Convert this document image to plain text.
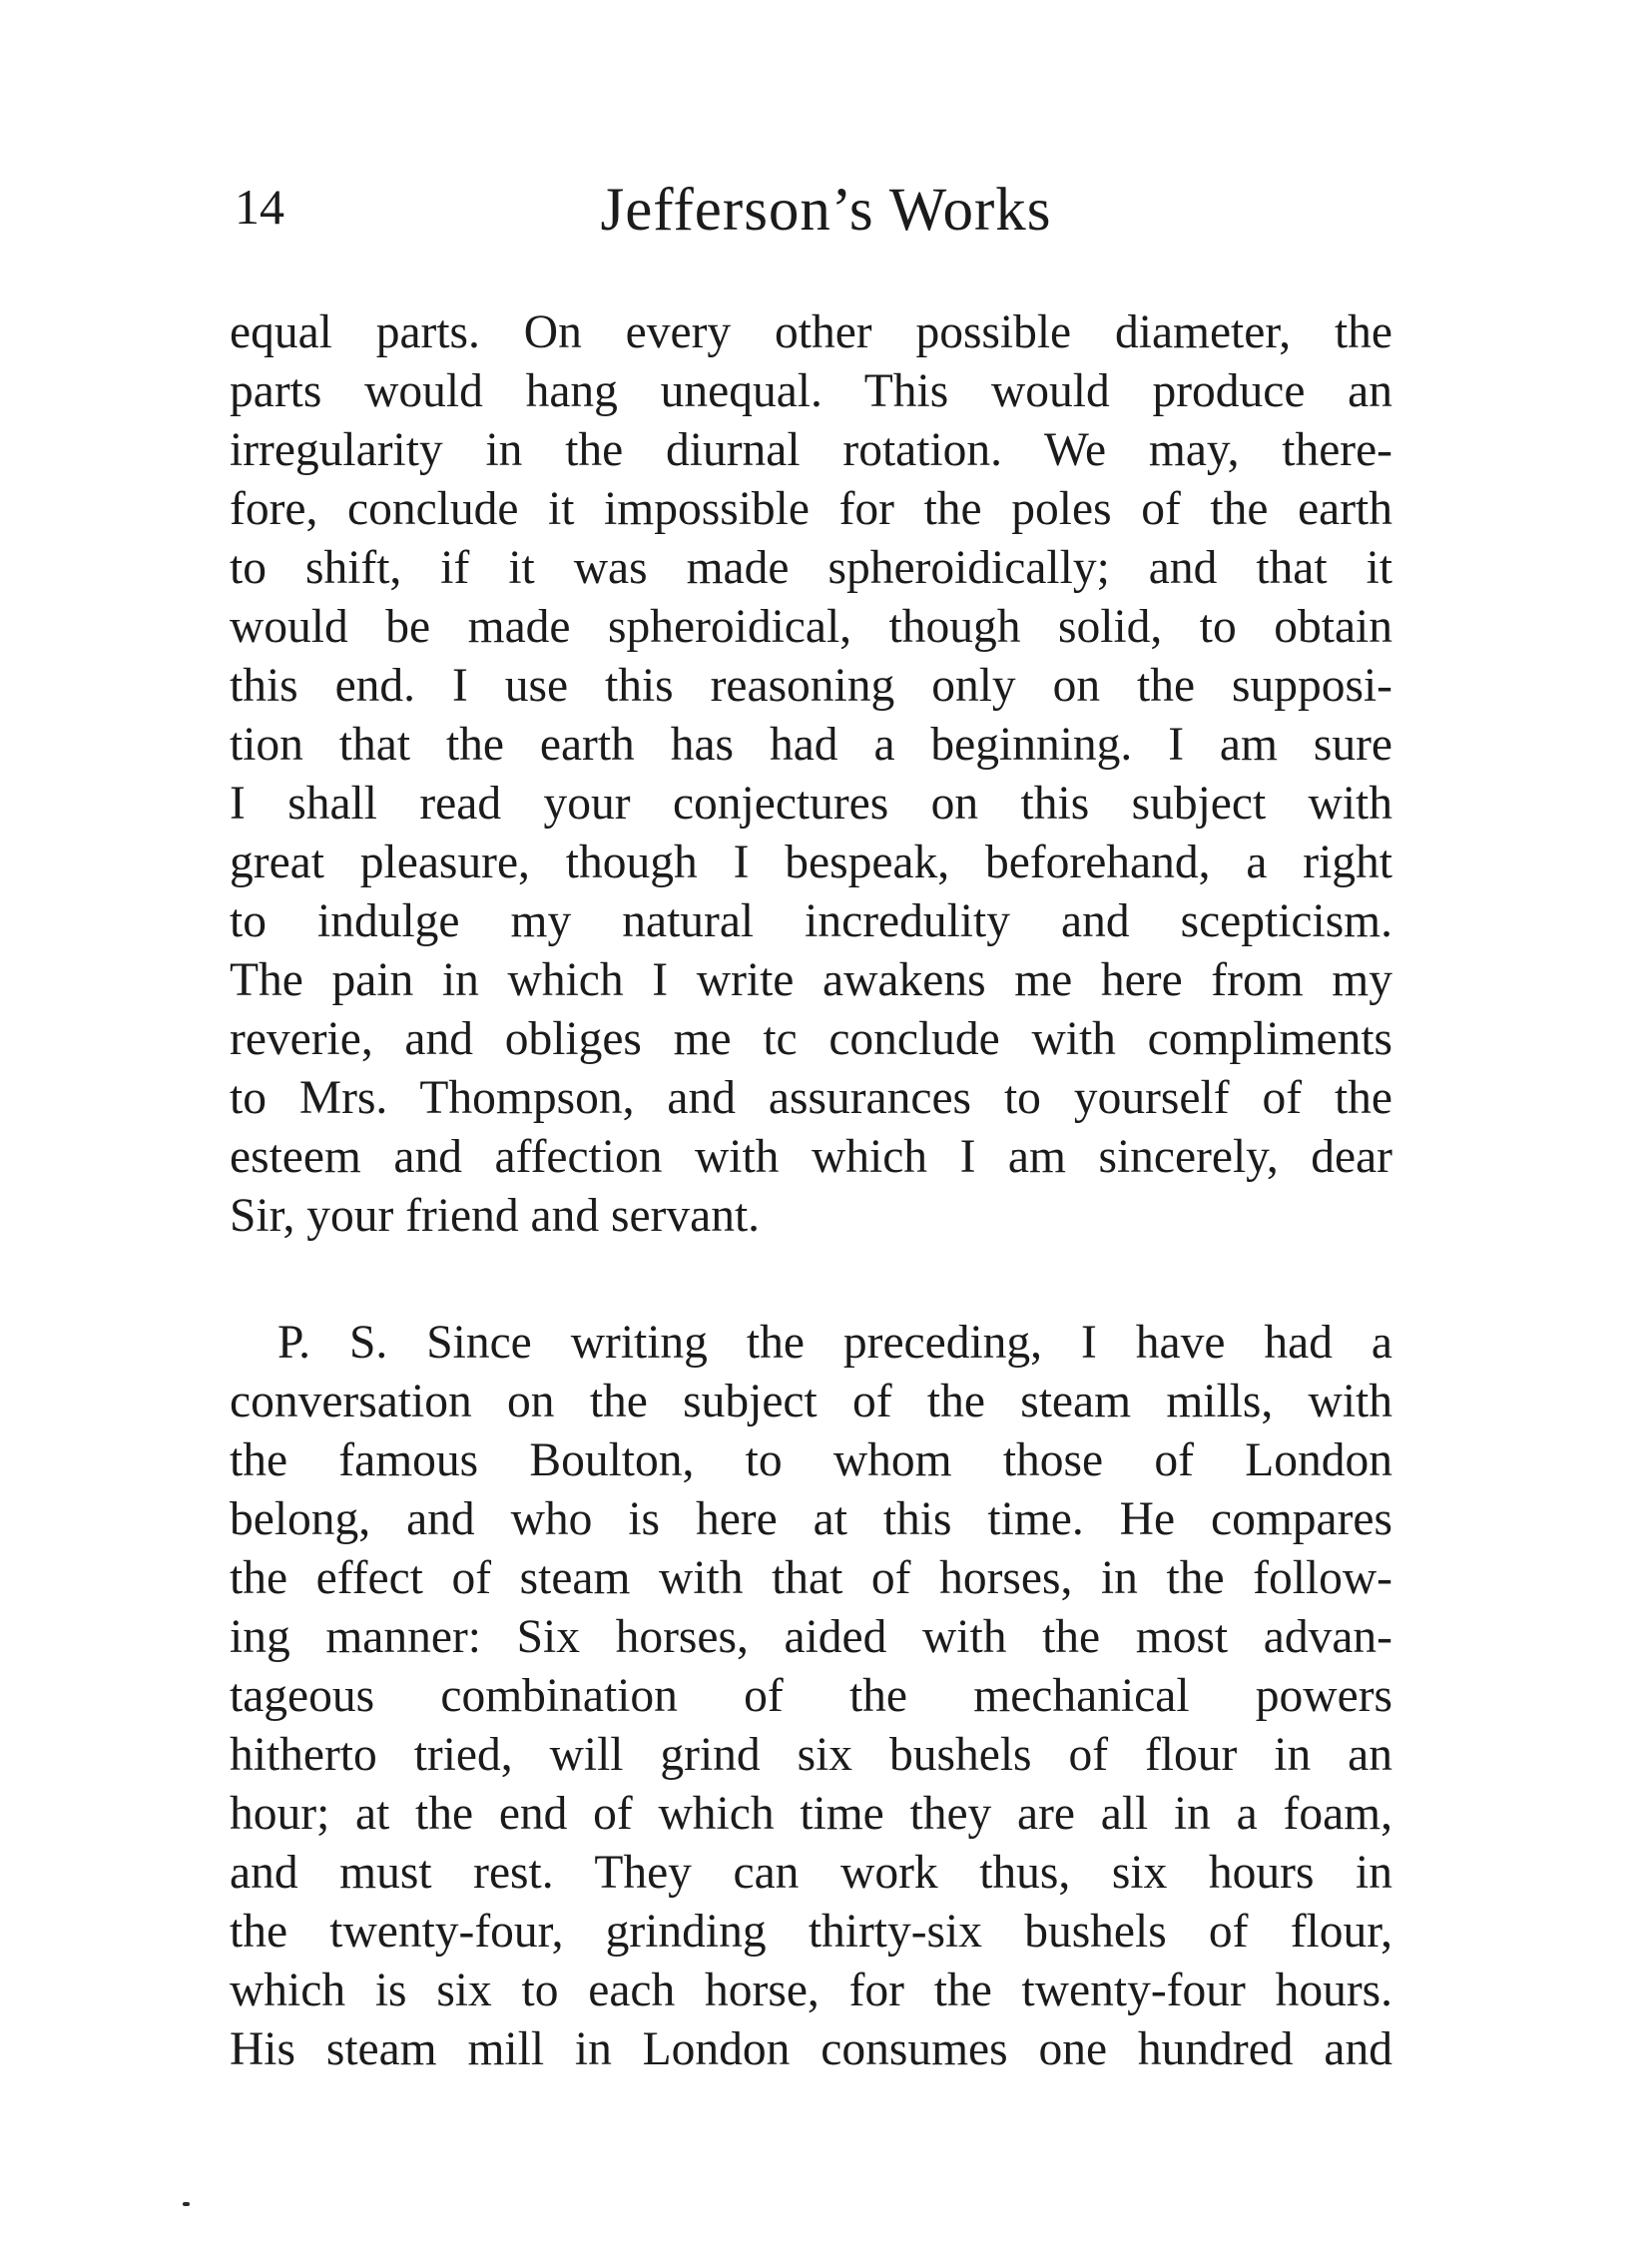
14	Jefferson’s Works
equal parts. On every other possible diameter, the
parts would hang unequal. This would produce an
irregularity in the diurnal rotation. We may, there-
fore, conclude it impossible for the poles of the earth
to shift, if it was made spheroidically; and that it
would be made spheroidical, though solid, to obtain
this end. I use this reasoning only on the supposi-
tion that the earth has had a beginning. I am sure
I shall read your conjectures on this subject with
great pleasure, though I bespeak, beforehand, a right
to indulge my natural incredulity and scepticism.
The pain in which I write awakens me here from my
reverie, and obliges me tc conclude with compliments
to Mrs. Thompson, and assurances to yourself of the
esteem and affection with which I am sincerely, dear
Sir, your friend and servant.
P. S. Since writing the preceding, I have had a
conversation on the subject of the steam mills, with
the famous Boulton, to whom those of London
belong, and who is here at this time. He compares
the effect of steam with that of horses, in the follow-
ing manner: Six horses, aided with the most advan-
tageous combination of the mechanical powers
hitherto tried, will grind six bushels of flour in an
hour; at the end of which time they are all in a foam,
and must rest. They can work thus, six hours in
the twenty-four, grinding thirty-six bushels of flour,
which is six to each horse, for the twenty-four hours.
His steam mill in London consumes one hundred and
